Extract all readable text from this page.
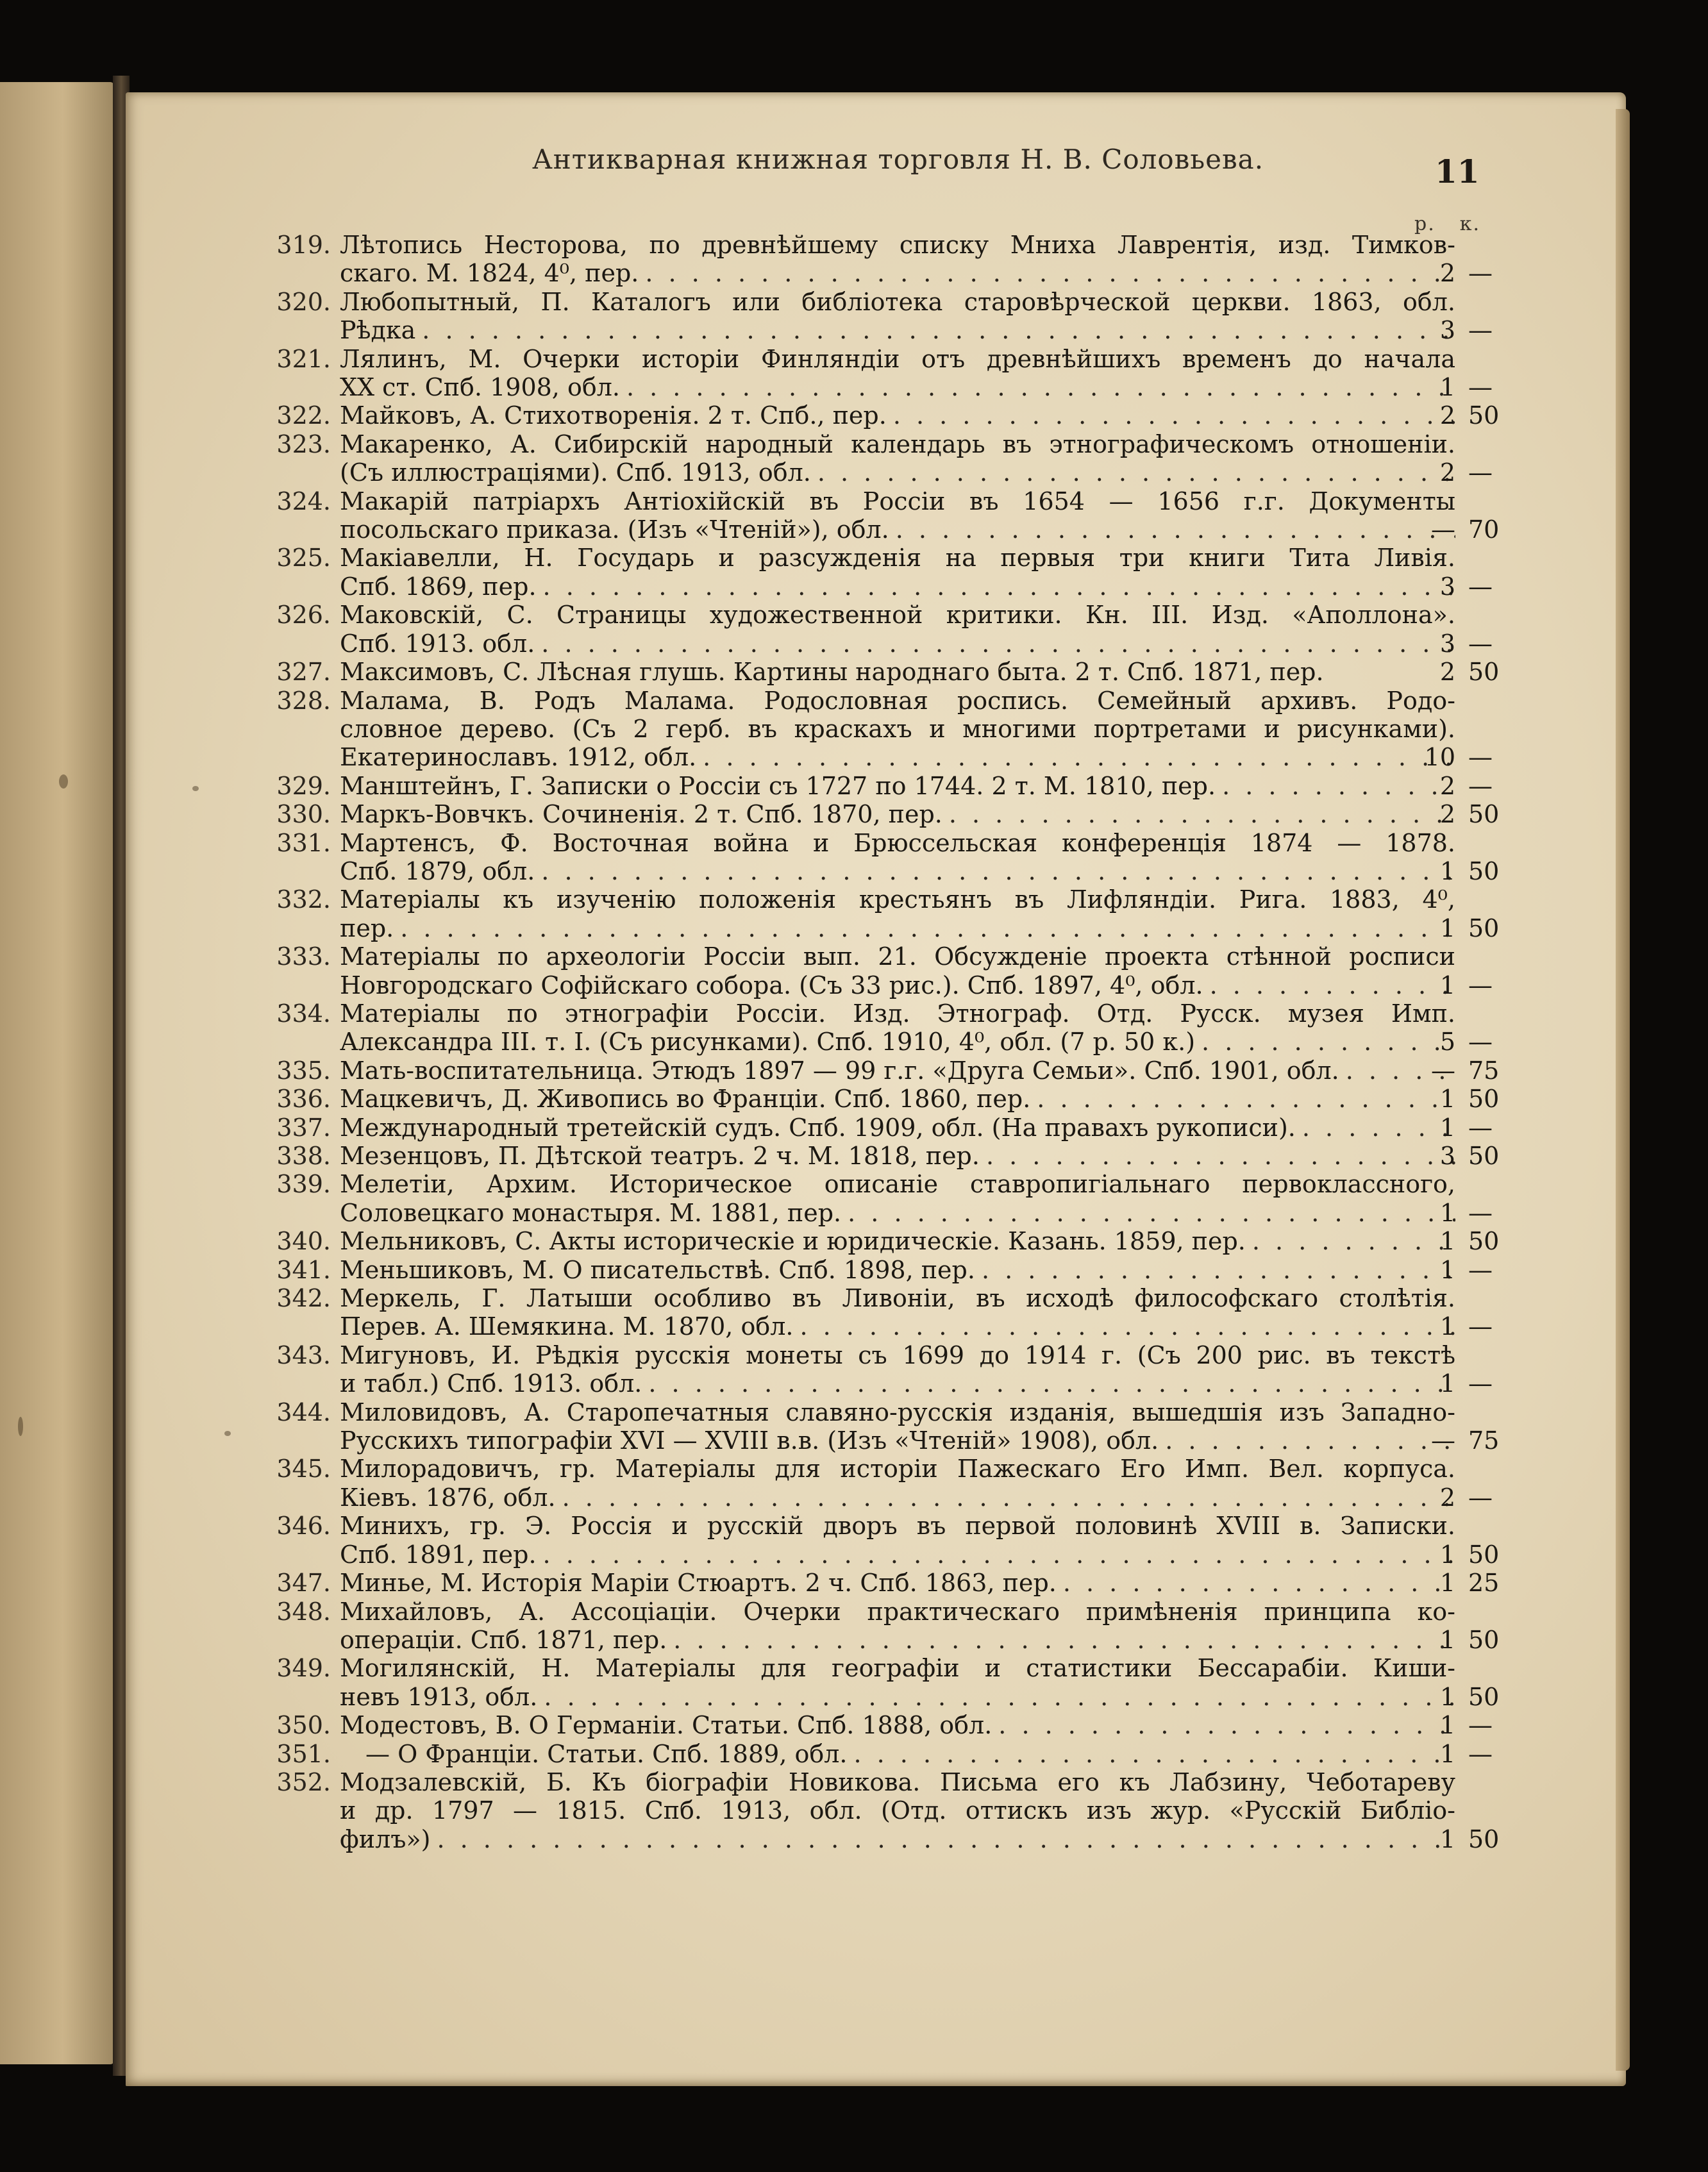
Антикварная книжная торговля Н. В. Соловьева.	11
р. к.
319. Лѣтопись Несторова, по древнѣйшему списку Мниха Лаврентія, изд. Тимков-
скаго. М. 1824, 4⁰, пер. . . .	2 —
320. Любопытный, П. Каталогъ или библіотека старовѣрческой церкви. 1863, обл.
Рѣдка . . .	3 —
321. Лялинъ, М. Очерки исторіи Финляндіи отъ древнѣйшихъ временъ до начала
XX ст. Спб. 1908, обл. . . .	1 —
322. Майковъ, А. Стихотворенія. 2 т. Спб., пер. . . .	2 50
323. Макаренко, А. Сибирскій народный календарь въ этнографическомъ отношеніи.
(Съ иллюстраціями). Спб. 1913, обл. . . .	2 —
324. Макарій патріархъ Антіохійскій въ Россіи въ 1654 — 1656 г.г. Документы
посольскаго приказа. (Изъ «Чтеній»), обл. . . .	— 70
325. Макіавелли, Н. Государь и разсужденія на первыя три книги Тита Ливія.
Спб. 1869, пер. . . .	3 —
326. Маковскій, С. Страницы художественной критики. Кн. III. Изд. «Аполлона».
Спб. 1913. обл. . . .	3 —
327. Максимовъ, С. Лѣсная глушь. Картины народнаго быта. 2 т. Спб. 1871, пер.	2 50
328. Малама, В. Родъ Малама. Родословная роспись. Семейный архивъ. Родо-
словное дерево. (Съ 2 герб. въ краскахъ и многими портретами и рисунками).
Екатеринославъ. 1912, обл. . . .	10 —
329. Манштейнъ, Г. Записки о Россіи съ 1727 по 1744. 2 т. М. 1810, пер. . . .	2 —
330. Маркъ-Вовчкъ. Сочиненія. 2 т. Спб. 1870, пер. . . .	2 50
331. Мартенсъ, Ф. Восточная война и Брюссельская конференція 1874 — 1878.
Спб. 1879, обл. . . .	1 50
332. Матеріалы къ изученію положенія крестьянъ въ Лифляндіи. Рига. 1883, 4⁰,
пер. . . .	1 50
333. Матеріалы по археологіи Россіи вып. 21. Обсужденіе проекта стѣнной росписи
Новгородскаго Софійскаго собора. (Съ 33 рис.). Спб. 1897, 4⁰, обл. . . .	1 —
334. Матеріалы по этнографіи Россіи. Изд. Этнограф. Отд. Русск. музея Имп.
Александра III. т. I. (Съ рисунками). Спб. 1910, 4⁰, обл. (7 р. 50 к.) . . .	5 —
335. Мать-воспитательница. Этюдъ 1897 — 99 г.г. «Друга Семьи». Спб. 1901, обл. . . .	— 75
336. Мацкевичъ, Д. Живопись во Франціи. Спб. 1860, пер. . . .	1 50
337. Международный третейскій судъ. Спб. 1909, обл. (На правахъ рукописи). . . .	1 —
338. Мезенцовъ, П. Дѣтской театръ. 2 ч. М. 1818, пер. . . .	3 50
339. Мелетіи, Архим. Историческое описаніе ставропигіальнаго первоклассного,
Соловецкаго монастыря. М. 1881, пер. . . .	1 —
340. Мельниковъ, С. Акты историческіе и юридическіе. Казань. 1859, пер. . . .	1 50
341. Меньшиковъ, М. О писательствѣ. Спб. 1898, пер. . . .	1 —
342. Меркель, Г. Латыши особливо въ Ливоніи, въ исходѣ философскаго столѣтія.
Перев. А. Шемякина. М. 1870, обл. . . .	1 —
343. Мигуновъ, И. Рѣдкія русскія монеты съ 1699 до 1914 г. (Съ 200 рис. въ текстѣ
и табл.) Спб. 1913. обл. . . .	1 —
344. Миловидовъ, А. Старопечатныя славяно-русскія изданія, вышедшія изъ Западно-
Русскихъ типографіи XVI — XVIII в.в. (Изъ «Чтеній» 1908), обл. . . .	— 75
345. Милорадовичъ, гр. Матеріалы для исторіи Пажескаго Его Имп. Вел. корпуса.
Кіевъ. 1876, обл. . . .	2 —
346. Минихъ, гр. Э. Россія и русскій дворъ въ первой половинѣ XVIII в. Записки.
Спб. 1891, пер. . . .	1 50
347. Минье, М. Исторія Маріи Стюартъ. 2 ч. Спб. 1863, пер. . . .	1 25
348. Михайловъ, А. Ассоціаціи. Очерки практическаго примѣненія принципа ко-
операціи. Спб. 1871, пер. . . .	1 50
349. Могилянскій, Н. Матеріалы для географіи и статистики Бессарабіи. Киши-
невъ 1913, обл. . . .	1 50
350. Модестовъ, В. О Германіи. Статьи. Спб. 1888, обл. . . .	1 —
351.	— О Франціи. Статьи. Спб. 1889, обл. . . .	1 —
352. Модзалевскій, Б. Къ біографіи Новикова. Письма его къ Лабзину, Чеботареву
и др. 1797 — 1815. Спб. 1913, обл. (Отд. оттискъ изъ жур. «Русскій Библіо-
филъ») . . .	1 50
